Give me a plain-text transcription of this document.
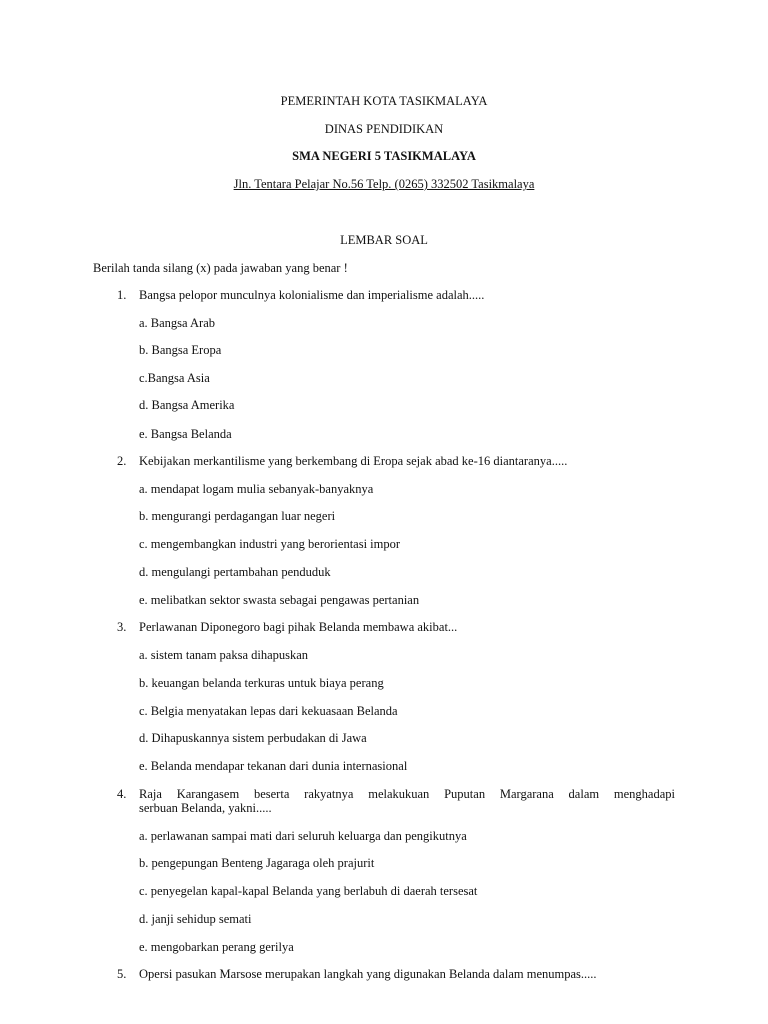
PEMERINTAH KOTA TASIKMALAYA
DINAS PENDIDIKAN
SMA NEGERI 5 TASIKMALAYA
Jln. Tentara Pelajar No.56 Telp. (0265) 332502 Tasikmalaya
LEMBAR SOAL
Berilah tanda silang (x) pada jawaban yang benar !
1. Bangsa pelopor munculnya kolonialisme dan imperialisme adalah.....
a. Bangsa Arab
b. Bangsa Eropa
c.Bangsa Asia
d. Bangsa Amerika
e. Bangsa Belanda
2. Kebijakan merkantilisme yang berkembang di Eropa sejak abad ke-16 diantaranya.....
a. mendapat logam mulia sebanyak-banyaknya
b. mengurangi perdagangan luar negeri
c. mengembangkan industri yang berorientasi impor
d. mengulangi pertambahan penduduk
e. melibatkan sektor swasta sebagai pengawas pertanian
3. Perlawanan Diponegoro bagi pihak Belanda membawa akibat...
a. sistem tanam paksa dihapuskan
b. keuangan belanda terkuras untuk biaya perang
c. Belgia menyatakan lepas dari kekuasaan Belanda
d. Dihapuskannya sistem perbudakan di Jawa
e. Belanda mendapar tekanan dari dunia internasional
4. Raja Karangasem beserta rakyatnya melakukuan Puputan Margarana dalam menghadapi
serbuan Belanda, yakni.....
a. perlawanan sampai mati dari seluruh keluarga dan pengikutnya
b. pengepungan Benteng Jagaraga oleh prajurit
c. penyegelan kapal-kapal Belanda yang berlabuh di daerah tersesat
d. janji sehidup semati
e. mengobarkan perang gerilya
5. Opersi pasukan Marsose merupakan langkah yang digunakan Belanda dalam menumpas.....
